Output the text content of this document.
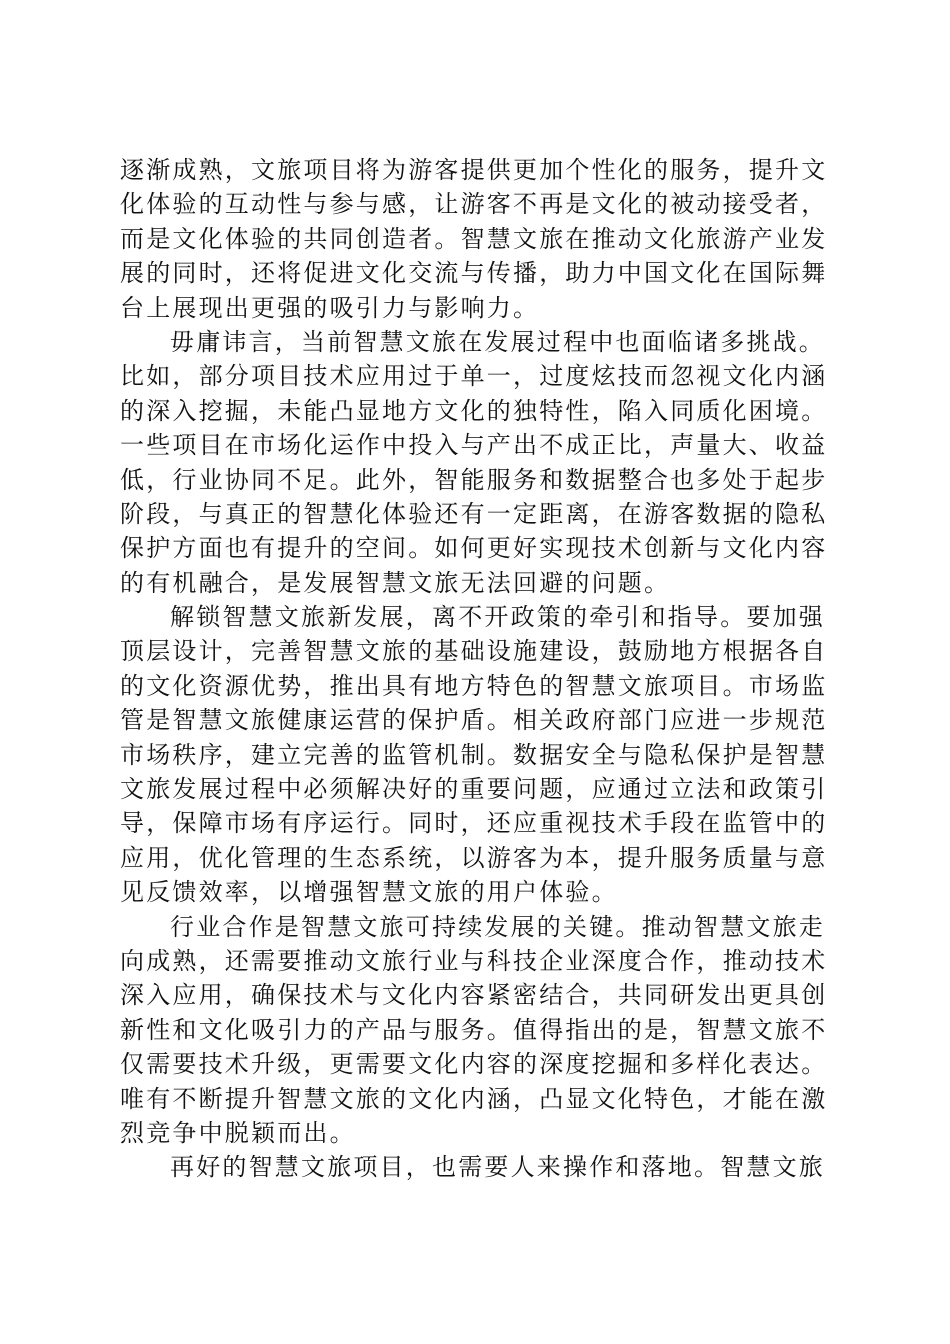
逐渐成熟，文旅项目将为游客提供更加个性化的服务，提升文
化体验的互动性与参与感，让游客不再是文化的被动接受者，
而是文化体验的共同创造者。智慧文旅在推动文化旅游产业发
展的同时，还将促进文化交流与传播，助力中国文化在国际舞
台上展现出更强的吸引力与影响力。

毋庸讳言，当前智慧文旅在发展过程中也面临诸多挑战。
比如，部分项目技术应用过于单一，过度炫技而忽视文化内涵
的深入挖掘，未能凸显地方文化的独特性，陷入同质化困境。
一些项目在市场化运作中投入与产出不成正比，声量大、收益
低，行业协同不足。此外，智能服务和数据整合也多处于起步
阶段，与真正的智慧化体验还有一定距离，在游客数据的隐私
保护方面也有提升的空间。如何更好实现技术创新与文化内容
的有机融合，是发展智慧文旅无法回避的问题。

解锁智慧文旅新发展，离不开政策的牵引和指导。要加强
顶层设计，完善智慧文旅的基础设施建设，鼓励地方根据各自
的文化资源优势，推出具有地方特色的智慧文旅项目。市场监
管是智慧文旅健康运营的保护盾。相关政府部门应进一步规范
市场秩序，建立完善的监管机制。数据安全与隐私保护是智慧
文旅发展过程中必须解决好的重要问题，应通过立法和政策引
导，保障市场有序运行。同时，还应重视技术手段在监管中的
应用，优化管理的生态系统，以游客为本，提升服务质量与意
见反馈效率，以增强智慧文旅的用户体验。

行业合作是智慧文旅可持续发展的关键。推动智慧文旅走
向成熟，还需要推动文旅行业与科技企业深度合作，推动技术
深入应用，确保技术与文化内容紧密结合，共同研发出更具创
新性和文化吸引力的产品与服务。值得指出的是，智慧文旅不
仅需要技术升级，更需要文化内容的深度挖掘和多样化表达。
唯有不断提升智慧文旅的文化内涵，凸显文化特色，才能在激
烈竞争中脱颖而出。

再好的智慧文旅项目，也需要人来操作和落地。智慧文旅
